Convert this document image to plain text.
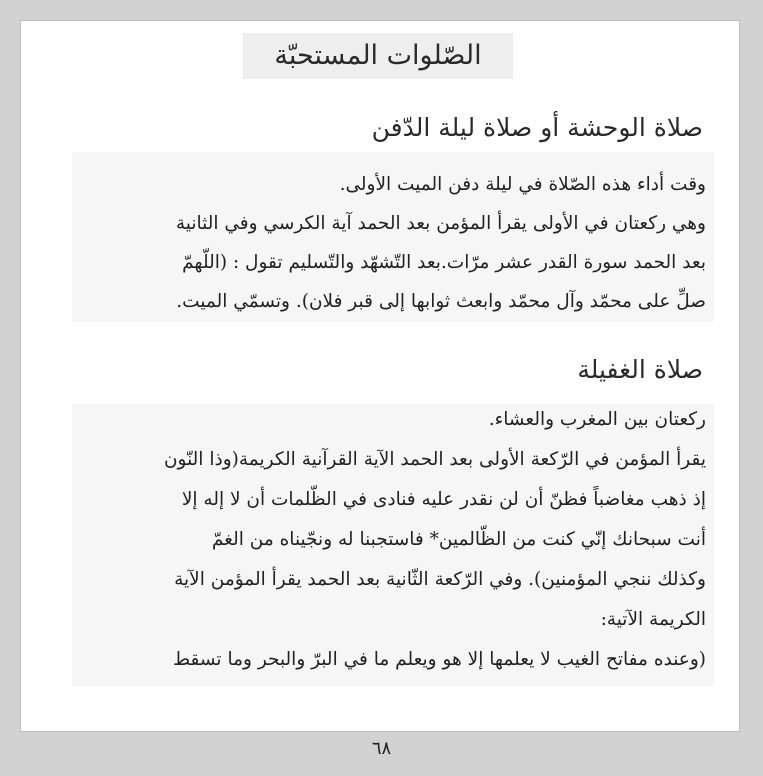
الصّلوات المستحبّة
صلاة الوحشة أو صلاة ليلة الدّفن
وقت أداء هذه الصّلاة في ليلة دفن الميت الأولى.
وهي ركعتان في الأولى يقرأ المؤمن بعد الحمد آية الكرسي وفي الثانية
بعد الحمد سورة القدر عشر مرّات.بعد التّشهّد والتّسليم تقول : (اللّهمّ
صلِّ على محمّد وآل محمّد وابعث ثوابها إلى قبر فلان). وتسمّي الميت.
صلاة الغفيلة
ركعتان بين المغرب والعشاء.
يقرأ المؤمن في الرّكعة الأولى بعد الحمد الآية القرآنية الكريمة(وذا النّون
إذ ذهب مغاضباً فظنّ أن لن نقدر عليه فنادى في الظّلمات أن لا إله إلا
أنت سبحانك إنّي كنت من الظّالمين* فاستجبنا له ونجّيناه من الغمّ
وكذلك ننجي المؤمنين). وفي الرّكعة الثّانية بعد الحمد يقرأ المؤمن الآية
الكريمة الآتية:
(وعنده مفاتح الغيب لا يعلمها إلا هو ويعلم ما في البرّ والبحر وما تسقط
٦٨
